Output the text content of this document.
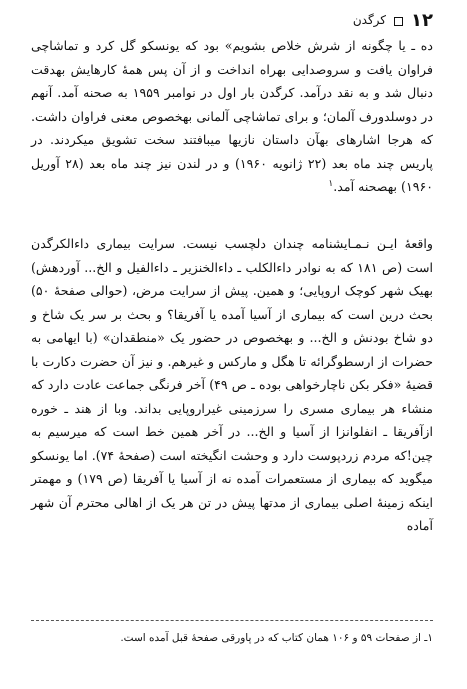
۱۲
کرگدن

ده ـ یا چگونه از شرش خلاص بشویم» بود که یونسکو گل کرد و تماشاچی فراوان یافت و سروصدایی بهراه انداخت و از آن پس همهٔ کارهایش بهدقت دنبال شد و به نقد درآمد. کرگدن بار اول در نوامبر ۱۹۵۹ به صحنه آمد. آنهم در دوسلدورف آلمان؛ و برای تماشاچی آلمانی بهخصوص معنی فراوان داشت. که هرجا اشارهای بهآن داستان نازیها میبافتند سخت تشویق میکردند. در پاریس چند ماه بعد (۲۲ ژانویه ۱۹۶۰) و در لندن نیز چند ماه بعد (۲۸ آوریل ۱۹۶۰) بهصحنه آمد.$^۱$

واقعهٔ ایـن نـمـایشنامه چندان دلچسب نیست. سرایت بیماری داءالکرگدن است (ص ۱۸۱ که به نوادر داءالکلب ـ داءالخنزیر ـ داءالفیل و الخ... آوردهش) بهیک شهر کوچک اروپایی؛ و همین. پیش از سرایت مرض، (حوالی صفحهٔ ۵۰) بحث درین است که بیماری از آسیا آمده یا آفریقا؟ و بحث بر سر یک شاخ و دو شاخ بودنش و الخ... و بهخصوص در حضور یک «منطقدان» (با ایهامی به حضرات از ارسطوگرائه تا هگل و مارکس و غیرهم. و نیز آن حضرت دکارت با قضیهٔ «فکر بکن ناچارخواهی بوده ـ ص ۴۹) آخر فرنگی جماعت عادت دارد که منشاء هر بیماری مسری را سرزمینی غیراروپایی بداند. وبا از هند ـ خوره ازآفریقا ـ انفلوانزا از آسیا و الخ... در آخر همین خط است که میرسیم به چین!که مردم زردپوست دارد و وحشت انگیخته است (صفحهٔ ۷۴). اما یونسکو میگوید که بیماری از مستعمرات آمده نه از آسیا یا آفریقا (ص ۱۷۹) و مهمتر اینکه زمینهٔ اصلی بیماری از مدتها پیش در تن هر یک از اهالی محترم آن شهر آماده

۱ـ از صفحات ۵۹ و ۱۰۶ همان کتاب که در پاورقی صفحهٔ قبل آمده است.
